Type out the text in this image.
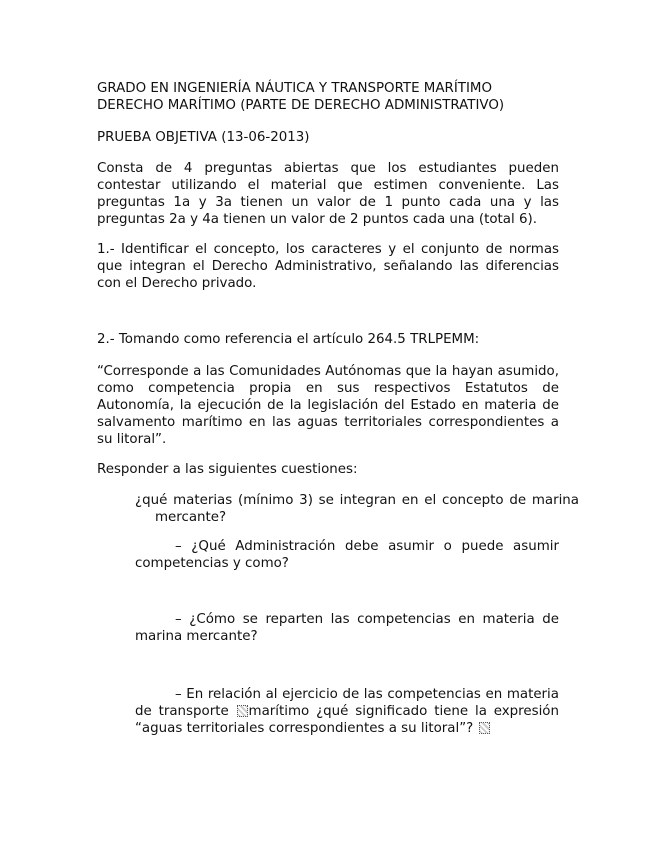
GRADO EN INGENIERÍA NÁUTICA Y TRANSPORTE MARÍTIMO

DERECHO MARÍTIMO (PARTE DE DERECHO ADMINISTRATIVO)

PRUEBA OBJETIVA (13-06-2013)

Consta de 4 preguntas abiertas que los estudiantes pueden contestar utilizando el material que estimen conveniente. Las preguntas 1a y 3a tienen un valor de 1 punto cada una y las preguntas 2a y 4a tienen un valor de 2 puntos cada una (total 6).

1.- Identificar el concepto, los caracteres y el conjunto de normas que integran el Derecho Administrativo, señalando las diferencias con el Derecho privado.

2.- Tomando como referencia el artículo 264.5 TRLPEMM:

“Corresponde a las Comunidades Autónomas que la hayan asumido, como competencia propia en sus respectivos Estatutos de Autonomía, la ejecución de la legislación del Estado en materia de salvamento marítimo en las aguas territoriales correspondientes a su litoral”.

Responder a las siguientes cuestiones:

¿qué materias (mínimo 3) se integran en el concepto de marina mercante?

– ¿Qué Administración debe asumir o puede asumir competencias y como?

– ¿Cómo se reparten las competencias en materia de marina mercante?

– En relación al ejercicio de las competencias en materia de transporte marítimo ¿qué significado tiene la expresión “aguas territoriales correspondientes a su litoral”?
